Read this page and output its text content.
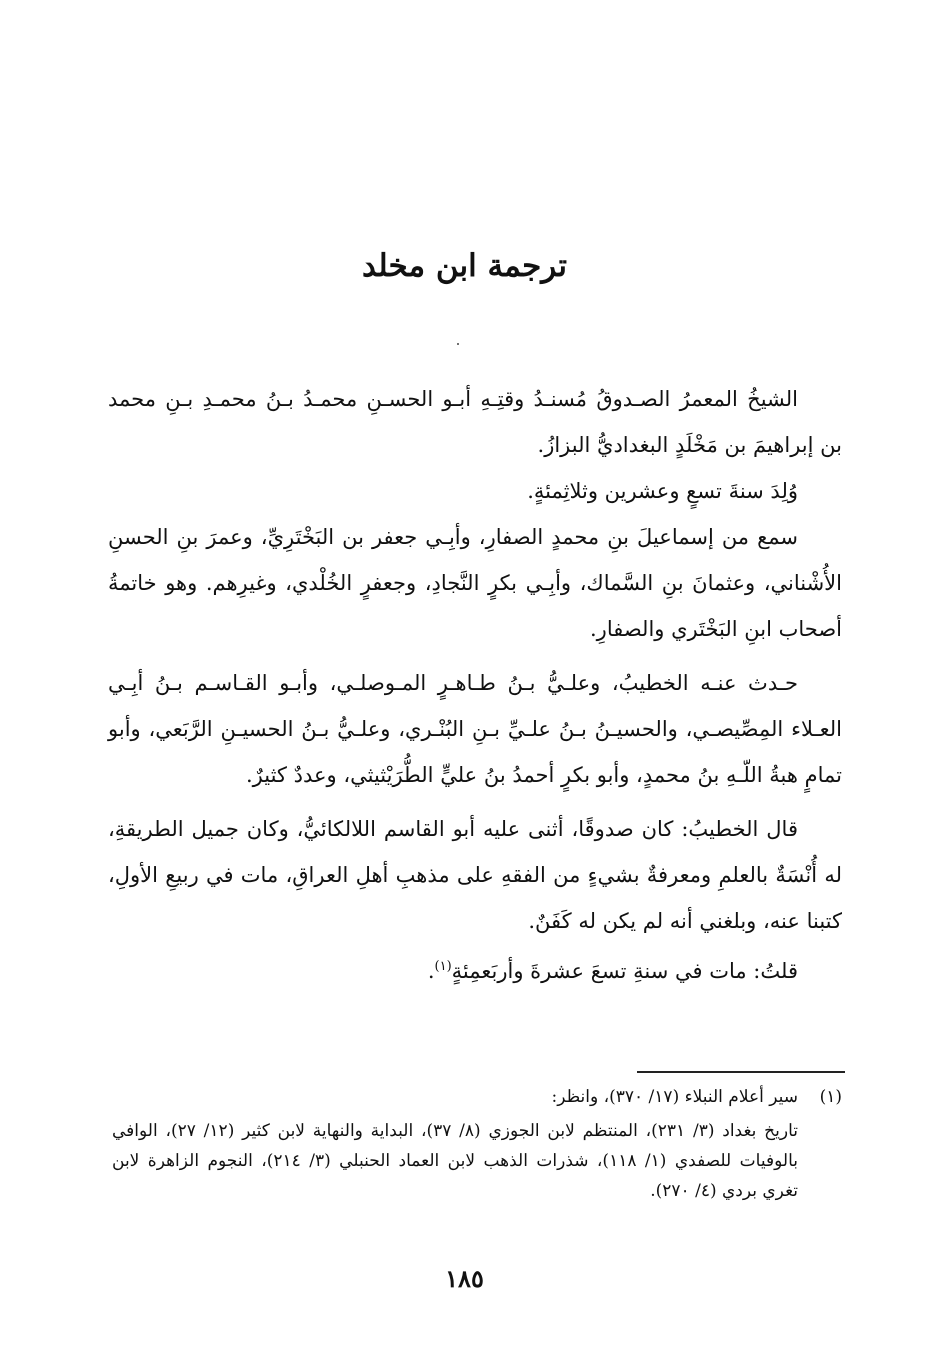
ترجمة ابن مخلد

الشيخُ المعمرُ الصـدوقُ مُسنـدُ وقتِـهِ أبـو الحسـنِ محمـدُ بـنُ محمـدِ بـنِ محمد بن إبراهيمَ بن مَخْلَدٍ البغداديُّ البزازُ.

وُلِدَ سنةَ تسعٍ وعشرين وثلاثِمئةٍ.

سمع من إسماعيلَ بنِ محمدٍ الصفارِ، وأبِـي جعفر بن البَخْتَرِيِّ، وعمرَ بنِ الحسنِ الأُشْناني، وعثمانَ بنِ السَّماك، وأبِـي بكرٍ النَّجادِ، وجعفرٍ الخُلْدي، وغيرِهم. وهو خاتمةُ أصحاب ابنِ البَخْتَري والصفارِ.

حـدث عنـه الخطيبُ، وعلـيُّ بـنُ طـاهـرٍ المـوصلـي، وأبـو القـاسـم بـنُ أبِـي العـلاء المِصِّيصـي، والحسيـنُ بـنُ علـيِّ بـنِ البُنْـري، وعلـيُّ بـنُ الحسيـنِ الرَّبَعي، وأبو تمامٍ هبةُ اللّـهِ بنُ محمدٍ، وأبو بكرٍ أحمدُ بنُ عليٍّ الطُّرَيْثيثي، وعددٌ كثيرٌ.

قال الخطيبُ: كان صدوقًا، أثنى عليه أبو القاسم اللالكائيُّ، وكان جميل الطريقةِ، له أُنْسَةٌ بالعلمِ ومعرفةٌ بشيءٍ من الفقهِ على مذهبِ أهلِ العراقِ، مات في ربيعِ الأولِ، كتبنا عنه، وبلغني أنه لم يكن له كَفَنٌ.

قلتُ: مات في سنةِ تسعَ عشرةَ وأربَعمِئةٍ$^{(١)}$.

(١)سير أعلام النبلاء (١٧/ ٣٧٠)، وانظر:

تاريخ بغداد (٣/ ٢٣١)، المنتظم لابن الجوزي (٨/ ٣٧)، البداية والنهاية لابن كثير (١٢/ ٢٧)، الوافي بالوفيات للصفدي (١/ ١١٨)، شذرات الذهب لابن العماد الحنبلي (٣/ ٢١٤)، النجوم الزاهرة لابن تغري بردي (٤/ ٢٧٠).

١٨٥
